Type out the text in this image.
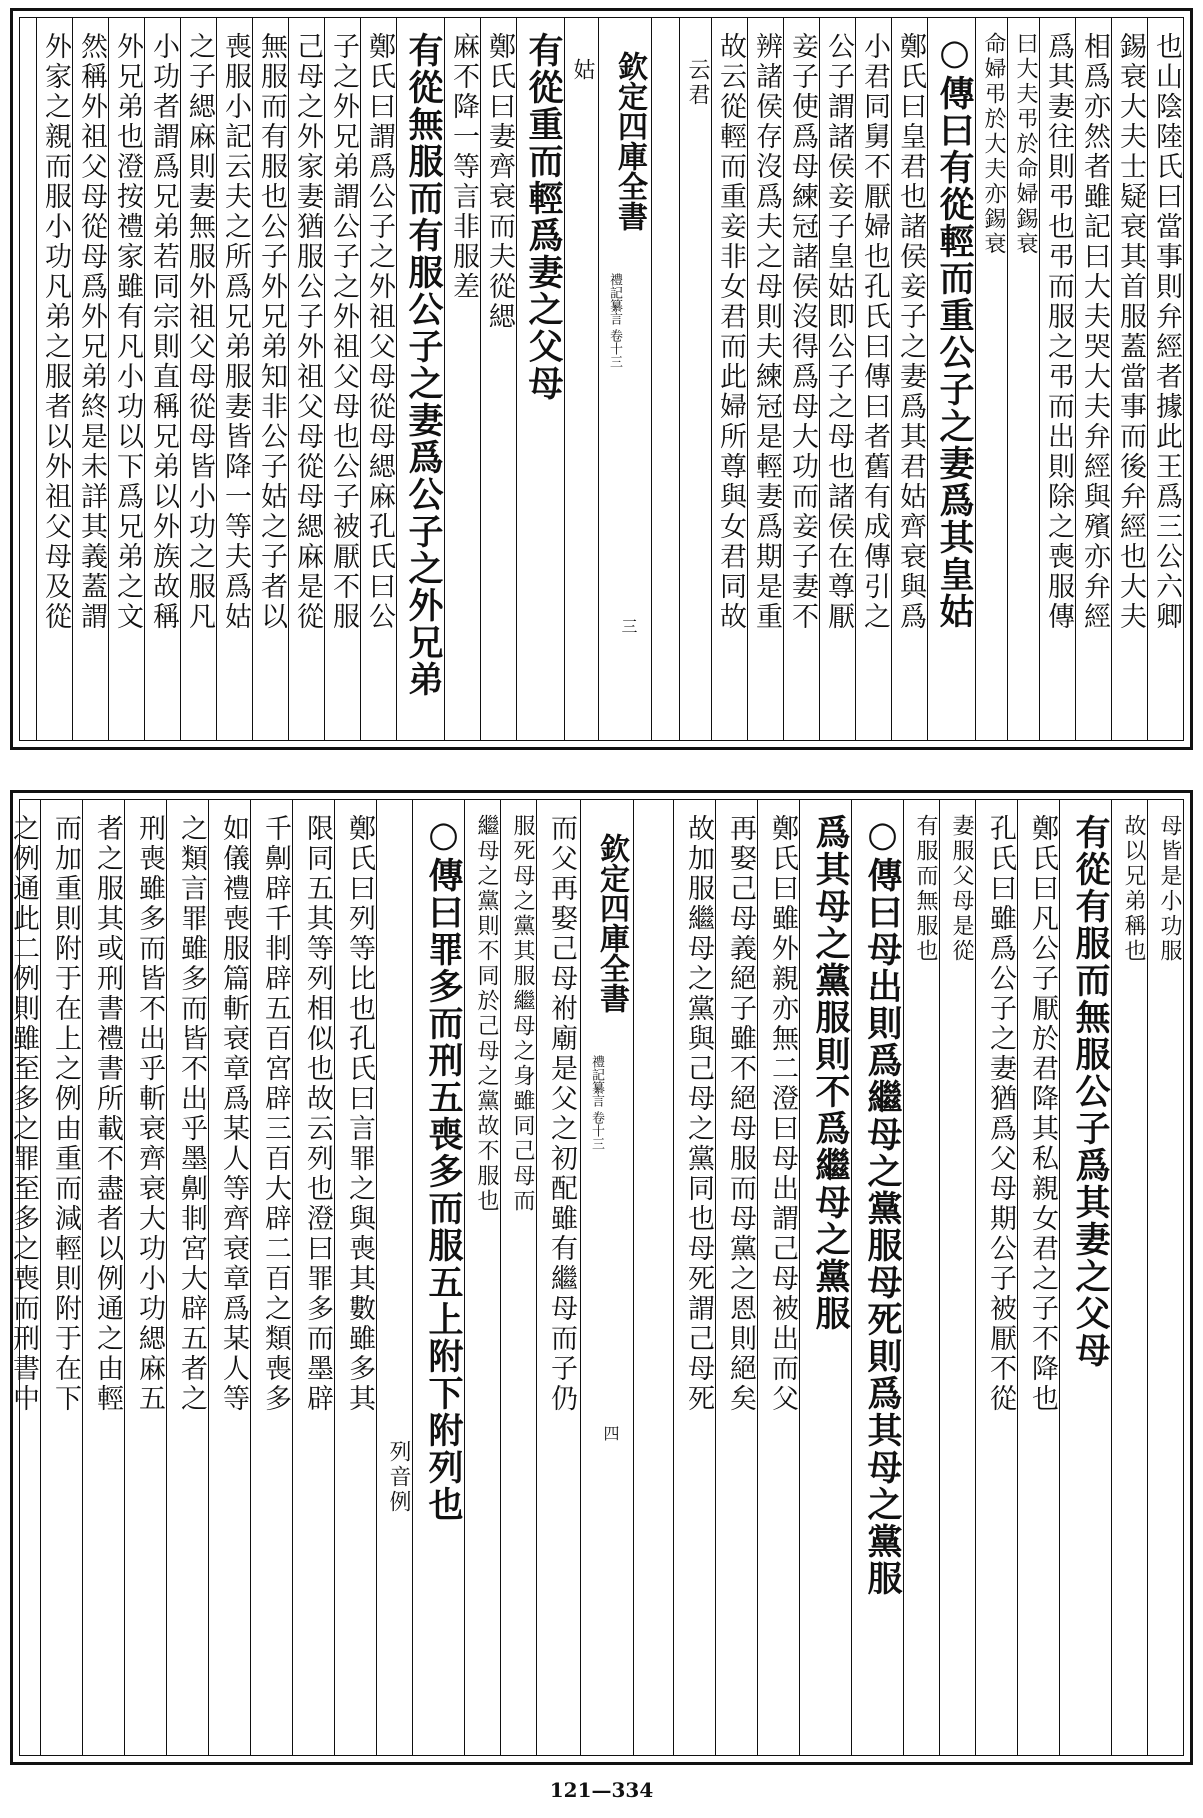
也山陰陸氏曰當事則弁經者據此王爲三公六卿
錫衰大夫士疑衰其首服蓋當事而後弁經也大夫
相爲亦然者雖記曰大夫哭大夫弁經與殯亦弁經
爲其妻往則弔也弔而服之弔而出則除之喪服傳
曰大夫弔於命婦錫衰
命婦弔於大夫亦錫衰
○傳曰有從輕而重公子之妻爲其皇姑
鄭氏曰皇君也諸侯妾子之妻爲其君姑齊衰與爲
小君同舅不厭婦也孔氏曰傳曰者舊有成傳引之
公子謂諸侯妾子皇姑即公子之母也諸侯在尊厭
妾子使爲母練冠諸侯沒得爲母大功而妾子妻不
辨諸侯存沒爲夫之母則夫練冠是輕妻爲期是重
故云從輕而重妾非女君而此婦所尊與女君同故
云君
姑
有從重而輕爲妻之父母
鄭氏曰妻齊衰而夫從緦
麻不降一等言非服差
有從無服而有服公子之妻爲公子之外兄弟
鄭氏曰謂爲公子之外祖父母從母緦麻孔氏曰公
子之外兄弟謂公子之外祖父母也公子被厭不服
己母之外家妻猶服公子外祖父母從母緦麻是從
無服而有服也公子外兄弟知非公子姑之子者以
喪服小記云夫之所爲兄弟服妻皆降一等夫爲姑
之子緦麻則妻無服外祖父母從母皆小功之服凡
小功者謂爲兄弟若同宗則直稱兄弟以外族故稱
外兄弟也澄按禮家雖有凡小功以下爲兄弟之文
然稱外祖父母從母爲外兄弟終是未詳其義蓋謂
外家之親而服小功凡弟之服者以外祖父母及從	欽定四庫全書
禮記纂言 卷十三
三
母皆是小功服
故以兄弟稱也
有從有服而無服公子爲其妻之父母
鄭氏曰凡公子厭於君降其私親女君之子不降也
孔氏曰雖爲公子之妻猶爲父母期公子被厭不從
妻服父母是從
有服而無服也
○傳曰母出則爲繼母之黨服母死則爲其母之黨服
爲其母之黨服則不爲繼母之黨服
鄭氏曰雖外親亦無二澄曰母出謂己母被出而父
再娶己母義絕子雖不絕母服而母黨之恩則絕矣
故加服繼母之黨與己母之黨同也母死謂己母死
而父再娶己母祔廟是父之初配雖有繼母而子仍
服死母之黨其服繼母之身雖同己母而
繼母之黨則不同於己母之黨故不服也
○傳曰罪多而刑五喪多而服五上附下附列也
列音例
鄭氏曰列等比也孔氏曰言罪之與喪其數雖多其
限同五其等列相似也故云列也澄曰罪多而墨辟
千劓辟千剕辟五百宮辟三百大辟二百之類喪多
如儀禮喪服篇斬衰章爲某人等齊衰章爲某人等
之類言罪雖多而皆不出乎墨劓剕宮大辟五者之
刑喪雖多而皆不出乎斬衰齊衰大功小功緦麻五
者之服其或刑書禮書所載不盡者以例通之由輕
而加重則附于在上之例由重而減輕則附于在下
之例通此二例則雖至多之罪至多之喪而刑書中	欽定四庫全書
禮記纂言 卷十三
四
121—334
